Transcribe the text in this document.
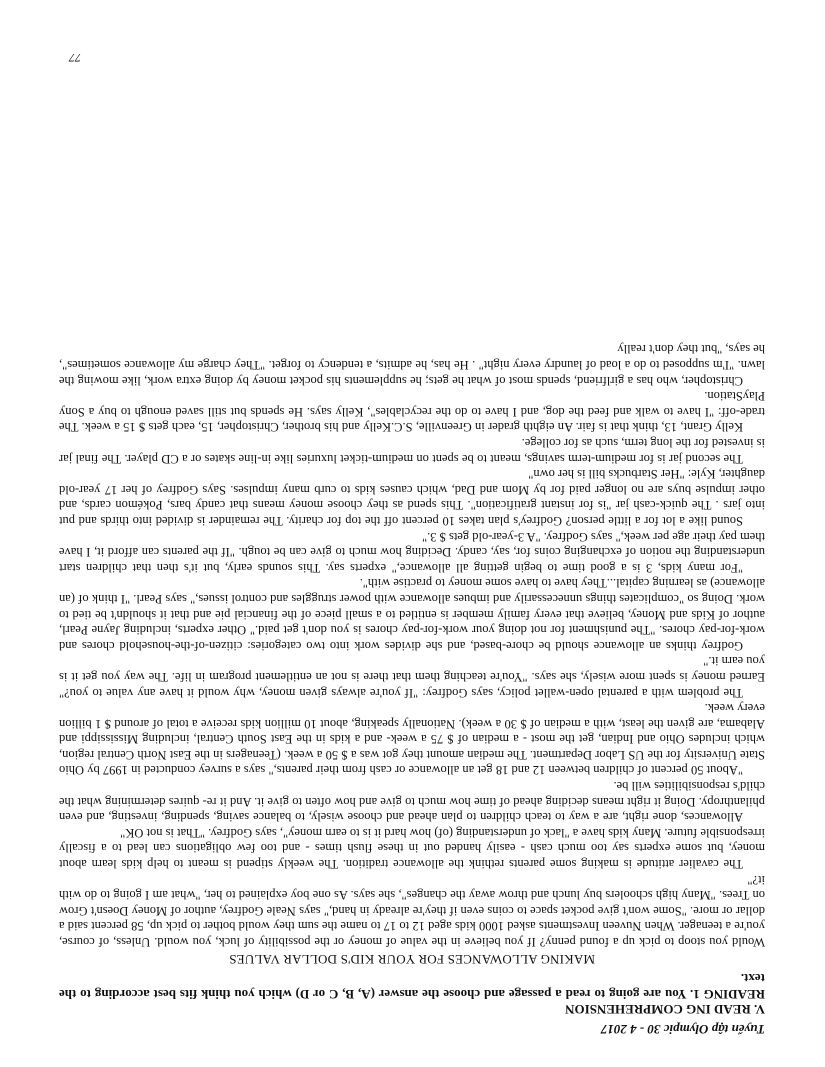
Tuyển tập Olympic 30 - 4 2017
V. READ ING COMPREHENSION
READING 1. You are going to read a passage and choose the answer (A, B, C or D) which you think fits best according to the text.
MAKING ALLOWANCES FOR YOUR KID'S DOLLAR VALUES

Would you stoop to pick up a found penny? If you believe in the value of money or the possibility of luck, you would. Unless, of course, you're a teenager. When Nuveen Investments asked 1000 kids aged 12 to 17 to name the sum they would bother to pick up, 58 percent said a dollar or more. "Some won't give pocket space to coins even if they're already in hand," says Neale Godfrey, author of Money Doesn't Grow on Trees. "Many high schoolers buy lunch and throw away the changes", she says. As one boy explained to her, "what am I going to do with it?"

The cavalier attitude is making some parents rethink the allowance tradition. The weekly stipend is meant to help kids learn about money, but some experts say too much cash - easily handed out in these flush times - and too few obligations can lead to a fiscally irresponsible future. Many kids have a "lack of understanding (of) how hard it is to earn money", says Godfrey. "That is not OK"

Allowances, done right, are a way to teach children to plan ahead and choose wisely, to balance saving, spending, investing, and even philanthropy. Doing it right means deciding ahead of time how much to give and how often to give it. And it re- quires determining what the child's responsibilities will be.

"About 50 percent of children between 12 and 18 get an allowance or cash from their parents," says a survey conducted in 1997 by Ohio State University for the US Labor Department. The median amount they got was a $ 50 a week. (Teenagers in the East North Central region, which includes Ohio and Indian, get the most - a median of $ 75 a week- and a kids in the East South Central, including Mississippi and Alabama, are given the least, with a median of $ 30 a week). Nationally speaking, about 10 million kids receive a total of around $ 1 billion every week.

The problem with a parental open-wallet policy, says Godfrey: "If you're always given money, why would it have any value to you?" Earned money is spent more wisely, she says. "You're teaching them that there is not an entitlement program in life. The way you get it is you earn it."

Godfrey thinks an allowance should be chore-based, and she divides work into two categories: citizen-of-the-household chores and work-for-pay chores. "The punishment for not doing your work-for-pay chores is you don't get paid." Other experts, including Jayne Pearl, author of Kids and Money, believe that every family member is entitled to a small piece of the financial pie and that it shouldn't be tied to work. Doing so "complicates things unnecessarily and imbues allowance with power struggles and control issues," says Pearl. "I think of (an allowance) as learning capital...They have to have some money to practise with".

"For many kids, 3 is a good time to begin getting all allowance," experts say. This sounds early, but it's then that children start understanding the notion of exchanging coins for, say, candy. Deciding how much to give can be tough. "If the parents can afford it, I have them pay their age per week," says Godfrey. "A 3-year-old gets $ 3."

Sound like a lot for a little person? Godfrey's plan takes 10 percent off the top for charity. The remainder is divided into thirds and put into jars . The quick-cash jar "is for instant gratification". This spend as they choose money means that candy bars, Pokémon cards, and other impulse buys are no longer paid for by Mom and Dad, which causes kids to curb many impulses. Says Godfrey of her 17 year-old daughter, Kyle: "Her Starbucks bill is her own"

The second jar is for medium-term savings, meant to be spent on medium-ticket luxuries like in-line skates or a CD player. The final jar is invested for the long term, such as for college.

Kelly Grant, 13, think that is fair. An eighth grader in Greenville, S.C.Kelly and his brother, Christopher, 15, each gets $ 15 a week. The trade-off: "I have to walk and feed the dog, and I have to do the recyclables", Kelly says. He spends but still saved enough to buy a Sony PlayStation.

Christopher, who has a girlfriend, spends most of what he gets; he supplements his pocket money by doing extra work, like mowing the lawn. "I'm supposed to do a load of laundry every night" . He has, he admits, a tendency to forget. "They charge my allowance sometimes", he says, "but they don't really

77
